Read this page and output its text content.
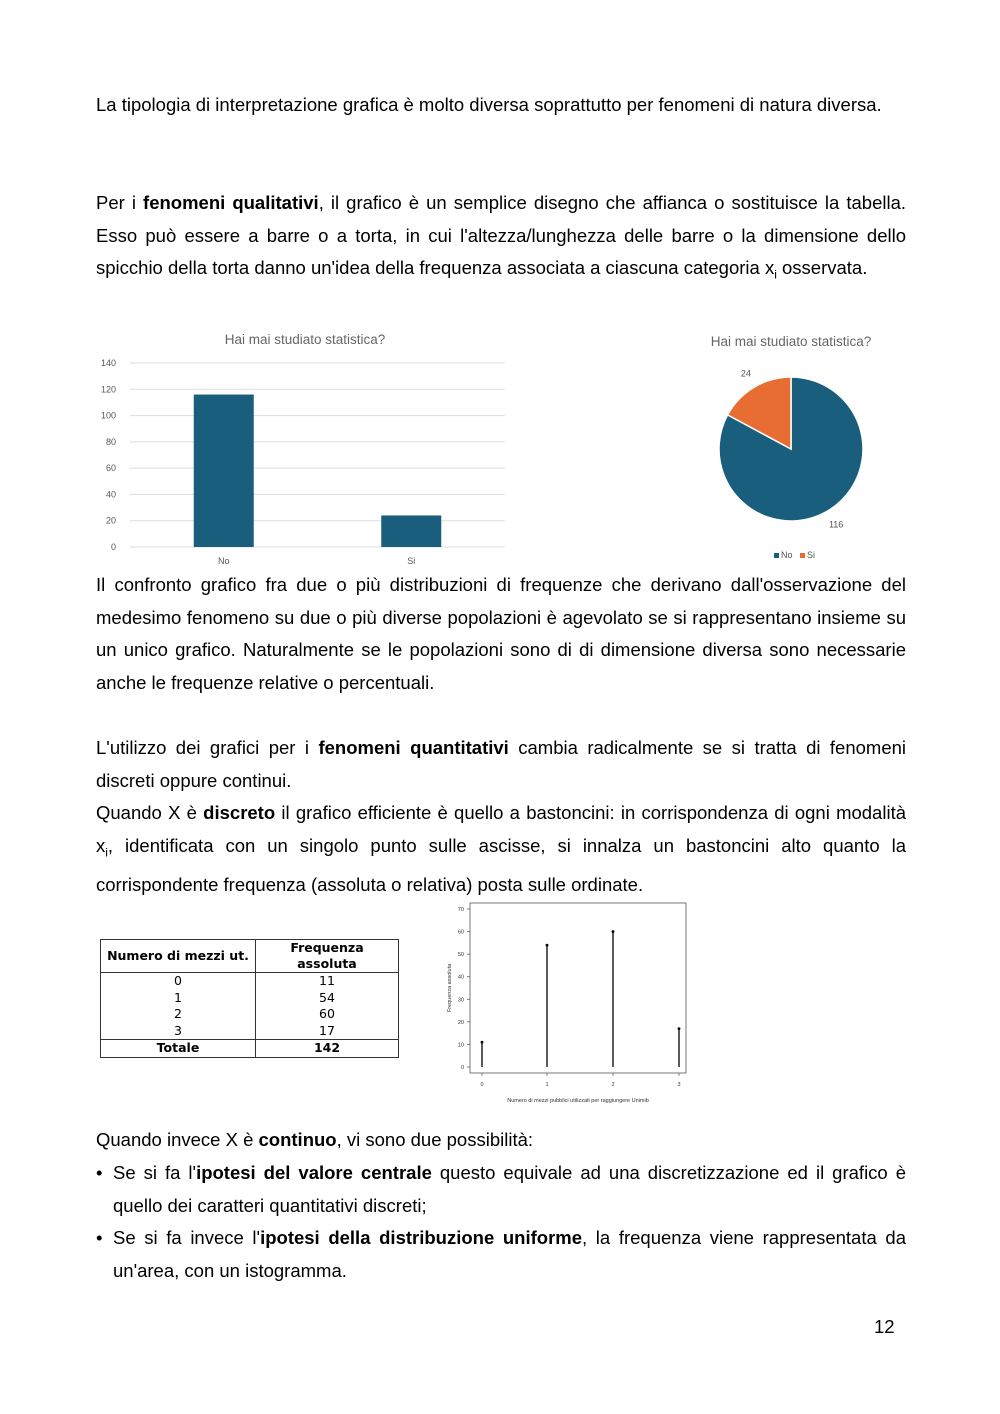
La tipologia di interpretazione grafica è molto diversa soprattutto per fenomeni di natura diversa.

Per i fenomeni qualitativi, il grafico è un semplice disegno che affianca o sostituisce la tabella. Esso può essere a barre o a torta, in cui l'altezza/lunghezza delle barre o la dimensione dello spicchio della torta danno un'idea della frequenza associata a ciascuna categoria $x_i$ osservata.

Hai mai studiato statistica?
0
20
40
60
80
100
120
140
No	Si
Hai mai studiato statistica?
116
24
No Si

Il confronto grafico fra due o più distribuzioni di frequenze che derivano dall'osservazione del medesimo fenomeno su due o più diverse popolazioni è agevolato se si rappresentano insieme su un unico grafico. Naturalmente se le popolazioni sono di di dimensione diversa sono necessarie anche le frequenze relative o percentuali.

L'utilizzo dei grafici per i fenomeni quantitativi cambia radicalmente se si tratta di fenomeni discreti oppure continui.
Quando X è discreto il grafico efficiente è quello a bastoncini: in corrispondenza di ogni modalità $x_i$, identificata con un singolo punto sulle ascisse, si innalza un bastoncini alto quanto la corrispondente frequenza (assoluta o relativa) posta sulle ordinate.

Numero di mezzi ut.	Frequenza assoluta
0	11
1	54
2	60
3	17
Totale	142
0
10
20
30
40
50
60
70
0	1	2	3
Numero di mezzi pubblici utilizzati per raggiungere Unimib
Frequenza assoluta

Quando invece X è continuo, vi sono due possibilità:

• Se si fa l'ipotesi del valore centrale questo equivale ad una discretizzazione ed il grafico è quello dei caratteri quantitativi discreti;
• Se si fa invece l'ipotesi della distribuzione uniforme, la frequenza viene rappresentata da un'area, con un istogramma.
12
